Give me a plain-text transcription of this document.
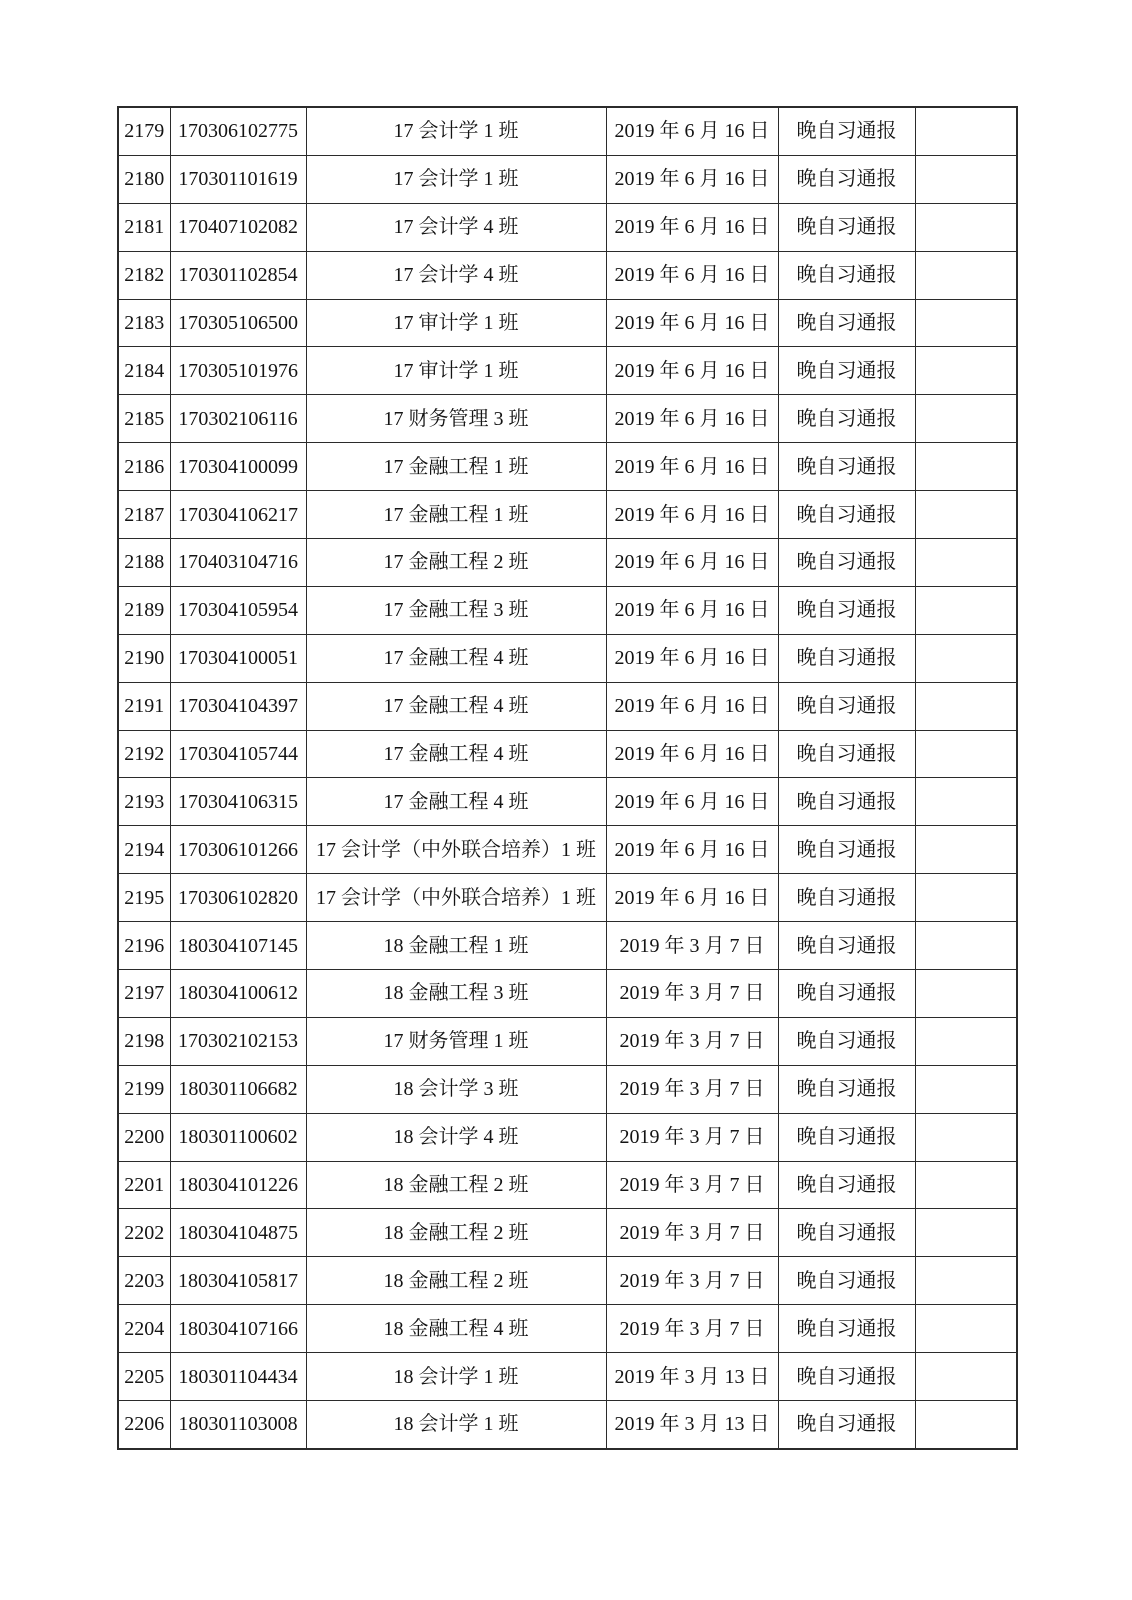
2179	170306102775	17 会计学 1 班	2019 年 6 月 16 日	晚自习通报	
2180	170301101619	17 会计学 1 班	2019 年 6 月 16 日	晚自习通报	
2181	170407102082	17 会计学 4 班	2019 年 6 月 16 日	晚自习通报	
2182	170301102854	17 会计学 4 班	2019 年 6 月 16 日	晚自习通报	
2183	170305106500	17 审计学 1 班	2019 年 6 月 16 日	晚自习通报	
2184	170305101976	17 审计学 1 班	2019 年 6 月 16 日	晚自习通报	
2185	170302106116	17 财务管理 3 班	2019 年 6 月 16 日	晚自习通报	
2186	170304100099	17 金融工程 1 班	2019 年 6 月 16 日	晚自习通报	
2187	170304106217	17 金融工程 1 班	2019 年 6 月 16 日	晚自习通报	
2188	170403104716	17 金融工程 2 班	2019 年 6 月 16 日	晚自习通报	
2189	170304105954	17 金融工程 3 班	2019 年 6 月 16 日	晚自习通报	
2190	170304100051	17 金融工程 4 班	2019 年 6 月 16 日	晚自习通报	
2191	170304104397	17 金融工程 4 班	2019 年 6 月 16 日	晚自习通报	
2192	170304105744	17 金融工程 4 班	2019 年 6 月 16 日	晚自习通报	
2193	170304106315	17 金融工程 4 班	2019 年 6 月 16 日	晚自习通报	
2194	170306101266	17 会计学（中外联合培养）1 班	2019 年 6 月 16 日	晚自习通报	
2195	170306102820	17 会计学（中外联合培养）1 班	2019 年 6 月 16 日	晚自习通报	
2196	180304107145	18 金融工程 1 班	2019 年 3 月 7 日	晚自习通报	
2197	180304100612	18 金融工程 3 班	2019 年 3 月 7 日	晚自习通报	
2198	170302102153	17 财务管理 1 班	2019 年 3 月 7 日	晚自习通报	
2199	180301106682	18 会计学 3 班	2019 年 3 月 7 日	晚自习通报	
2200	180301100602	18 会计学 4 班	2019 年 3 月 7 日	晚自习通报	
2201	180304101226	18 金融工程 2 班	2019 年 3 月 7 日	晚自习通报	
2202	180304104875	18 金融工程 2 班	2019 年 3 月 7 日	晚自习通报	
2203	180304105817	18 金融工程 2 班	2019 年 3 月 7 日	晚自习通报	
2204	180304107166	18 金融工程 4 班	2019 年 3 月 7 日	晚自习通报	
2205	180301104434	18 会计学 1 班	2019 年 3 月 13 日	晚自习通报	
2206	180301103008	18 会计学 1 班	2019 年 3 月 13 日	晚自习通报	
